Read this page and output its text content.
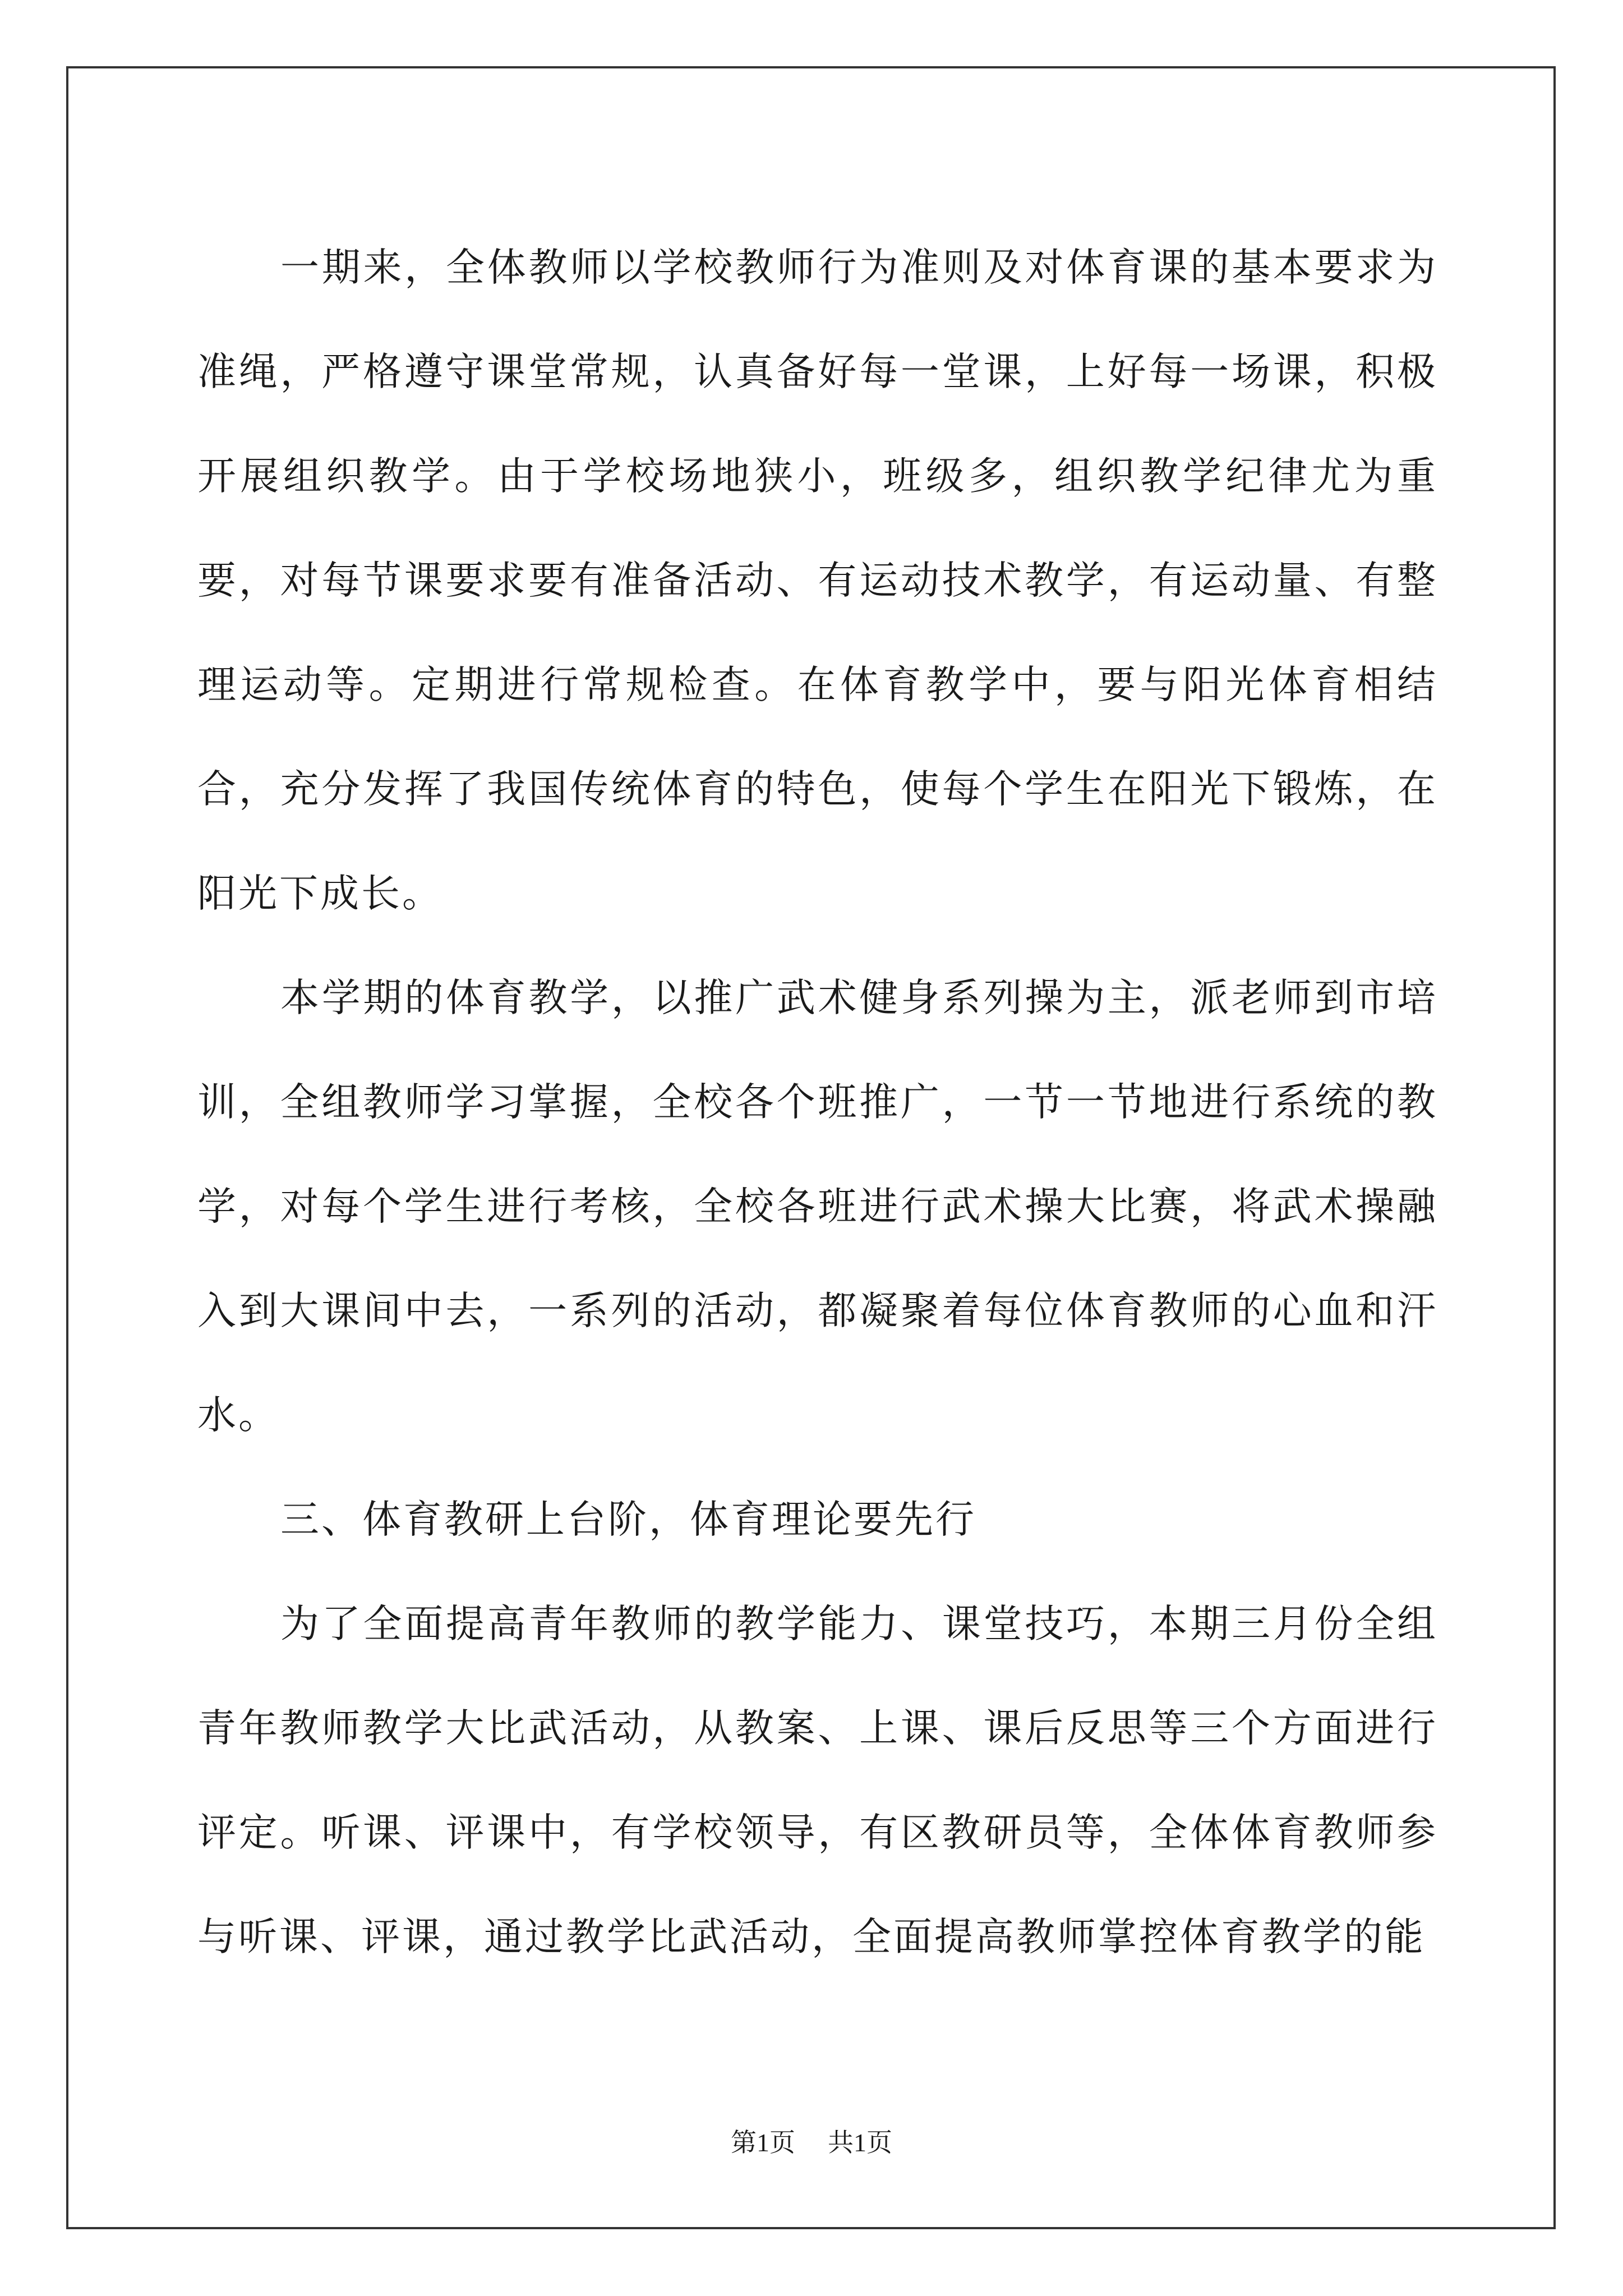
一期来，全体教师以学校教师行为准则及对体育课的基本要求为准绳，严格遵守课堂常规，认真备好每一堂课，上好每一场课，积极开展组织教学。由于学校场地狭小，班级多，组织教学纪律尤为重要，对每节课要求要有准备活动、有运动技术教学，有运动量、有整理运动等。定期进行常规检查。在体育教学中，要与阳光体育相结合，充分发挥了我国传统体育的特色，使每个学生在阳光下锻炼，在阳光下成长。

本学期的体育教学，以推广武术健身系列操为主，派老师到市培训，全组教师学习掌握，全校各个班推广，一节一节地进行系统的教学，对每个学生进行考核，全校各班进行武术操大比赛，将武术操融入到大课间中去，一系列的活动，都凝聚着每位体育教师的心血和汗水。

三、体育教研上台阶，体育理论要先行

为了全面提高青年教师的教学能力、课堂技巧，本期三月份全组青年教师教学大比武活动，从教案、上课、课后反思等三个方面进行评定。听课、评课中，有学校领导，有区教研员等，全体体育教师参与听课、评课，通过教学比武活动，全面提高教师掌控体育教学的能

第1页 共1页
